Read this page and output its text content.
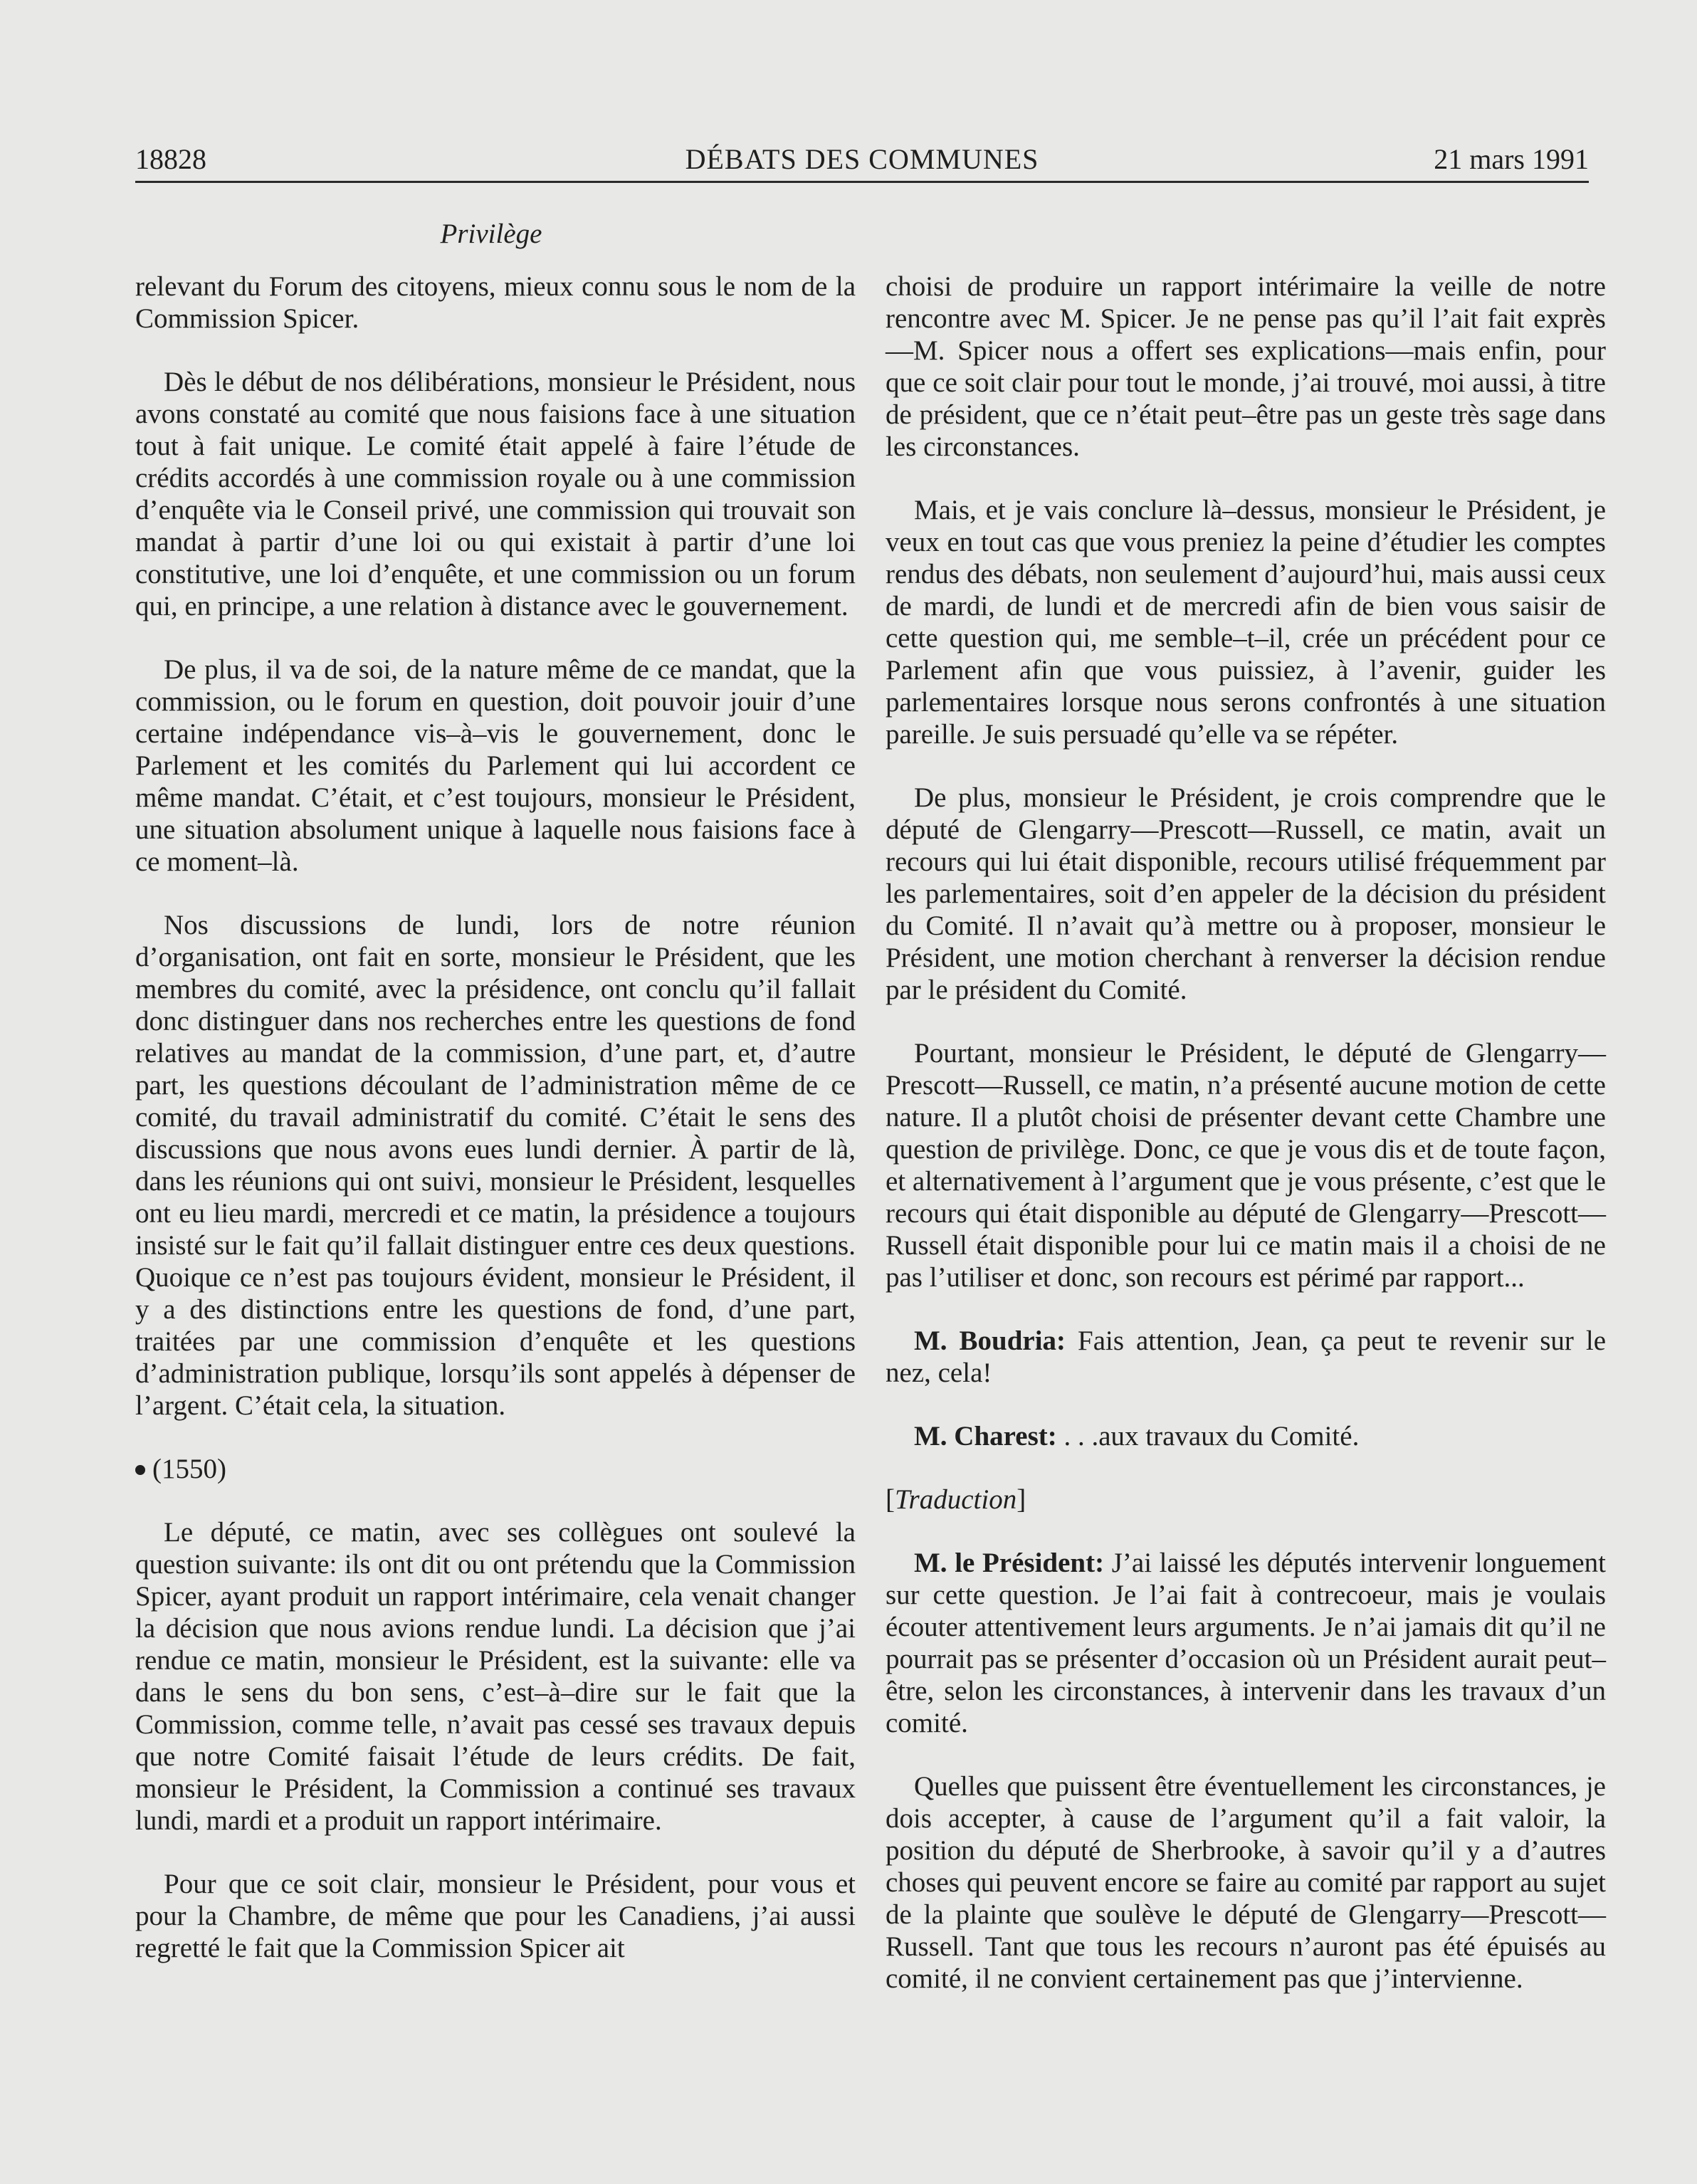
18828	DÉBATS DES COMMUNES	21 mars 1991
Privilège

relevant du Forum des citoyens, mieux connu sous le nom de la Commission Spicer.

Dès le début de nos délibérations, monsieur le Président, nous avons constaté au comité que nous faisions face à une situation tout à fait unique. Le comité était appelé à faire l’étude de crédits accordés à une commission royale ou à une commission d’enquête via le Conseil privé, une commission qui trouvait son mandat à partir d’une loi ou qui existait à partir d’une loi constitutive, une loi d’enquête, et une commission ou un forum qui, en principe, a une relation à distance avec le gouvernement.

De plus, il va de soi, de la nature même de ce mandat, que la commission, ou le forum en question, doit pouvoir jouir d’une certaine indépendance vis–à–vis le gouvernement, donc le Parlement et les comités du Parlement qui lui accordent ce même mandat. C’était, et c’est toujours, monsieur le Président, une situation absolument unique à laquelle nous faisions face à ce moment–là.

Nos discussions de lundi, lors de notre réunion d’organisation, ont fait en sorte, monsieur le Président, que les membres du comité, avec la présidence, ont conclu qu’il fallait donc distinguer dans nos recherches entre les questions de fond relatives au mandat de la commission, d’une part, et, d’autre part, les questions découlant de l’administration même de ce comité, du travail administratif du comité. C’était le sens des discussions que nous avons eues lundi dernier. À partir de là, dans les réunions qui ont suivi, monsieur le Président, lesquelles ont eu lieu mardi, mercredi et ce matin, la présidence a toujours insisté sur le fait qu’il fallait distinguer entre ces deux questions. Quoique ce n’est pas toujours évident, monsieur le Président, il y a des distinctions entre les questions de fond, d’une part, traitées par une commission d’enquête et les questions d’administration publique, lorsqu’ils sont appelés à dépenser de l’argent. C’était cela, la situation.

(1550)

Le député, ce matin, avec ses collègues ont soulevé la question suivante: ils ont dit ou ont prétendu que la Commission Spicer, ayant produit un rapport intérimaire, cela venait changer la décision que nous avions rendue lundi. La décision que j’ai rendue ce matin, monsieur le Président, est la suivante: elle va dans le sens du bon sens, c’est–à–dire sur le fait que la Commission, comme telle, n’avait pas cessé ses travaux depuis que notre Comité faisait l’étude de leurs crédits. De fait, monsieur le Président, la Commission a continué ses travaux lundi, mardi et a produit un rapport intérimaire.

Pour que ce soit clair, monsieur le Président, pour vous et pour la Chambre, de même que pour les Canadiens, j’ai aussi regretté le fait que la Commission Spicer ait

choisi de produire un rapport intérimaire la veille de notre rencontre avec M. Spicer. Je ne pense pas qu’il l’ait fait exprès—M. Spicer nous a offert ses explications—mais enfin, pour que ce soit clair pour tout le monde, j’ai trouvé, moi aussi, à titre de président, que ce n’était peut–être pas un geste très sage dans les circonstances.

Mais, et je vais conclure là–dessus, monsieur le Président, je veux en tout cas que vous preniez la peine d’étudier les comptes rendus des débats, non seulement d’aujourd’hui, mais aussi ceux de mardi, de lundi et de mercredi afin de bien vous saisir de cette question qui, me semble–t–il, crée un précédent pour ce Parlement afin que vous puissiez, à l’avenir, guider les parlementaires lorsque nous serons confrontés à une situation pareille. Je suis persuadé qu’elle va se répéter.

De plus, monsieur le Président, je crois comprendre que le député de Glengarry—Prescott—Russell, ce matin, avait un recours qui lui était disponible, recours utilisé fréquemment par les parlementaires, soit d’en appeler de la décision du président du Comité. Il n’avait qu’à mettre ou à proposer, monsieur le Président, une motion cherchant à renverser la décision rendue par le président du Comité.

Pourtant, monsieur le Président, le député de Glengarry—Prescott—Russell, ce matin, n’a présenté aucune motion de cette nature. Il a plutôt choisi de présenter devant cette Chambre une question de privilège. Donc, ce que je vous dis et de toute façon, et alternativement à l’argument que je vous présente, c’est que le recours qui était disponible au député de Glengarry—Prescott—Russell était disponible pour lui ce matin mais il a choisi de ne pas l’utiliser et donc, son recours est périmé par rapport...

M. Boudria: Fais attention, Jean, ça peut te revenir sur le nez, cela!

M. Charest: . . .aux travaux du Comité.

[Traduction]

M. le Président: J’ai laissé les députés intervenir longuement sur cette question. Je l’ai fait à contrecoeur, mais je voulais écouter attentivement leurs arguments. Je n’ai jamais dit qu’il ne pourrait pas se présenter d’occasion où un Président aurait peut–être, selon les circonstances, à intervenir dans les travaux d’un comité.

Quelles que puissent être éventuellement les circonstances, je dois accepter, à cause de l’argument qu’il a fait valoir, la position du député de Sherbrooke, à savoir qu’il y a d’autres choses qui peuvent encore se faire au comité par rapport au sujet de la plainte que soulève le député de Glengarry—Prescott—Russell. Tant que tous les recours n’auront pas été épuisés au comité, il ne convient certainement pas que j’intervienne.
